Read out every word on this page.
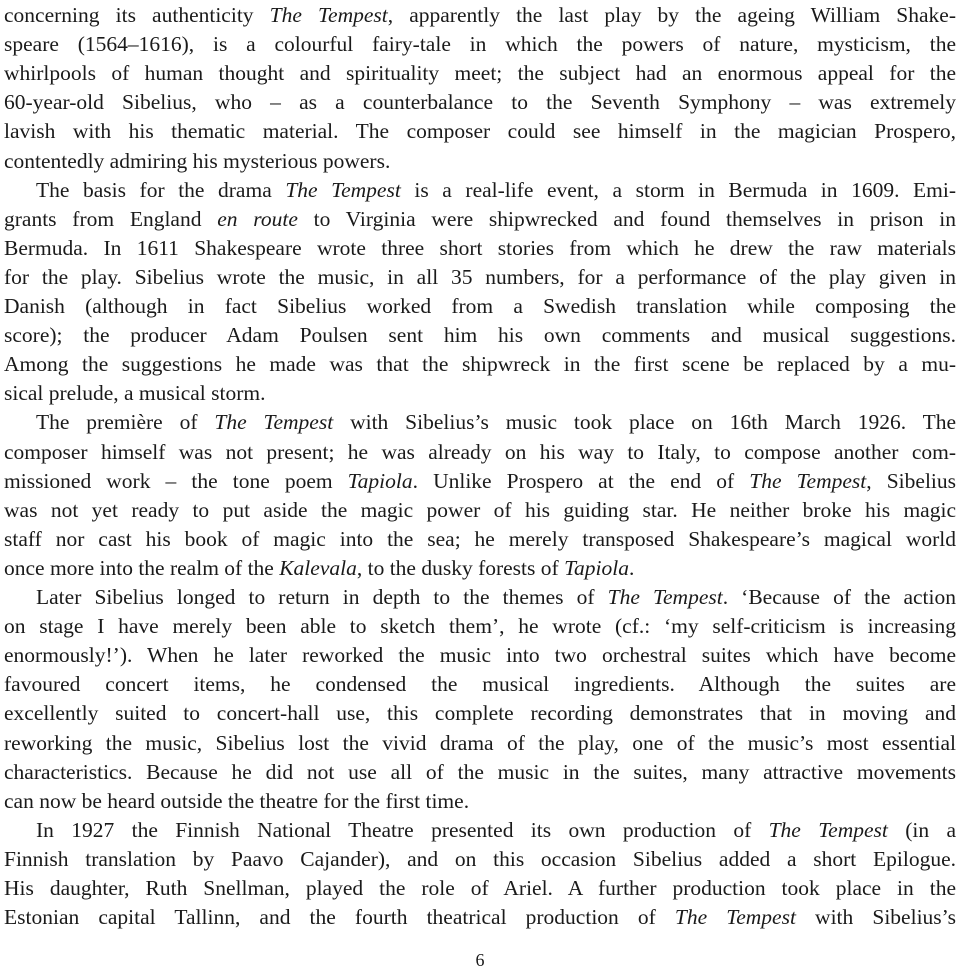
concerning its authenticity The Tempest, apparently the last play by the ageing William Shake-
speare (1564–1616), is a colourful fairy-tale in which the powers of nature, mysticism, the
whirlpools of human thought and spirituality meet; the subject had an enormous appeal for the
60-year-old Sibelius, who – as a counterbalance to the Seventh Symphony – was extremely
lavish with his thematic material. The composer could see himself in the magician Prospero,
contentedly admiring his mysterious powers.
The basis for the drama The Tempest is a real-life event, a storm in Bermuda in 1609. Emi-
grants from England en route to Virginia were shipwrecked and found themselves in prison in
Bermuda. In 1611 Shakespeare wrote three short stories from which he drew the raw materials
for the play. Sibelius wrote the music, in all 35 numbers, for a performance of the play given in
Danish (although in fact Sibelius worked from a Swedish translation while composing the
score); the producer Adam Poulsen sent him his own comments and musical suggestions.
Among the suggestions he made was that the shipwreck in the first scene be replaced by a mu-
sical prelude, a musical storm.
The première of The Tempest with Sibelius’s music took place on 16th March 1926. The
composer himself was not present; he was already on his way to Italy, to compose another com-
missioned work – the tone poem Tapiola. Unlike Prospero at the end of The Tempest, Sibelius
was not yet ready to put aside the magic power of his guiding star. He neither broke his magic
staff nor cast his book of magic into the sea; he merely transposed Shakespeare’s magical world
once more into the realm of the Kalevala, to the dusky forests of Tapiola.
Later Sibelius longed to return in depth to the themes of The Tempest. ‘Because of the action
on stage I have merely been able to sketch them’, he wrote (cf.: ‘my self-criticism is increasing
enormously!’). When he later reworked the music into two orchestral suites which have become
favoured concert items, he condensed the musical ingredients. Although the suites are
excellently suited to concert-hall use, this complete recording demonstrates that in moving and
reworking the music, Sibelius lost the vivid drama of the play, one of the music’s most essential
characteristics. Because he did not use all of the music in the suites, many attractive movements
can now be heard outside the theatre for the first time.
In 1927 the Finnish National Theatre presented its own production of The Tempest (in a
Finnish translation by Paavo Cajander), and on this occasion Sibelius added a short Epilogue.
His daughter, Ruth Snellman, played the role of Ariel. A further production took place in the
Estonian capital Tallinn, and the fourth theatrical production of The Tempest with Sibelius’s
6
